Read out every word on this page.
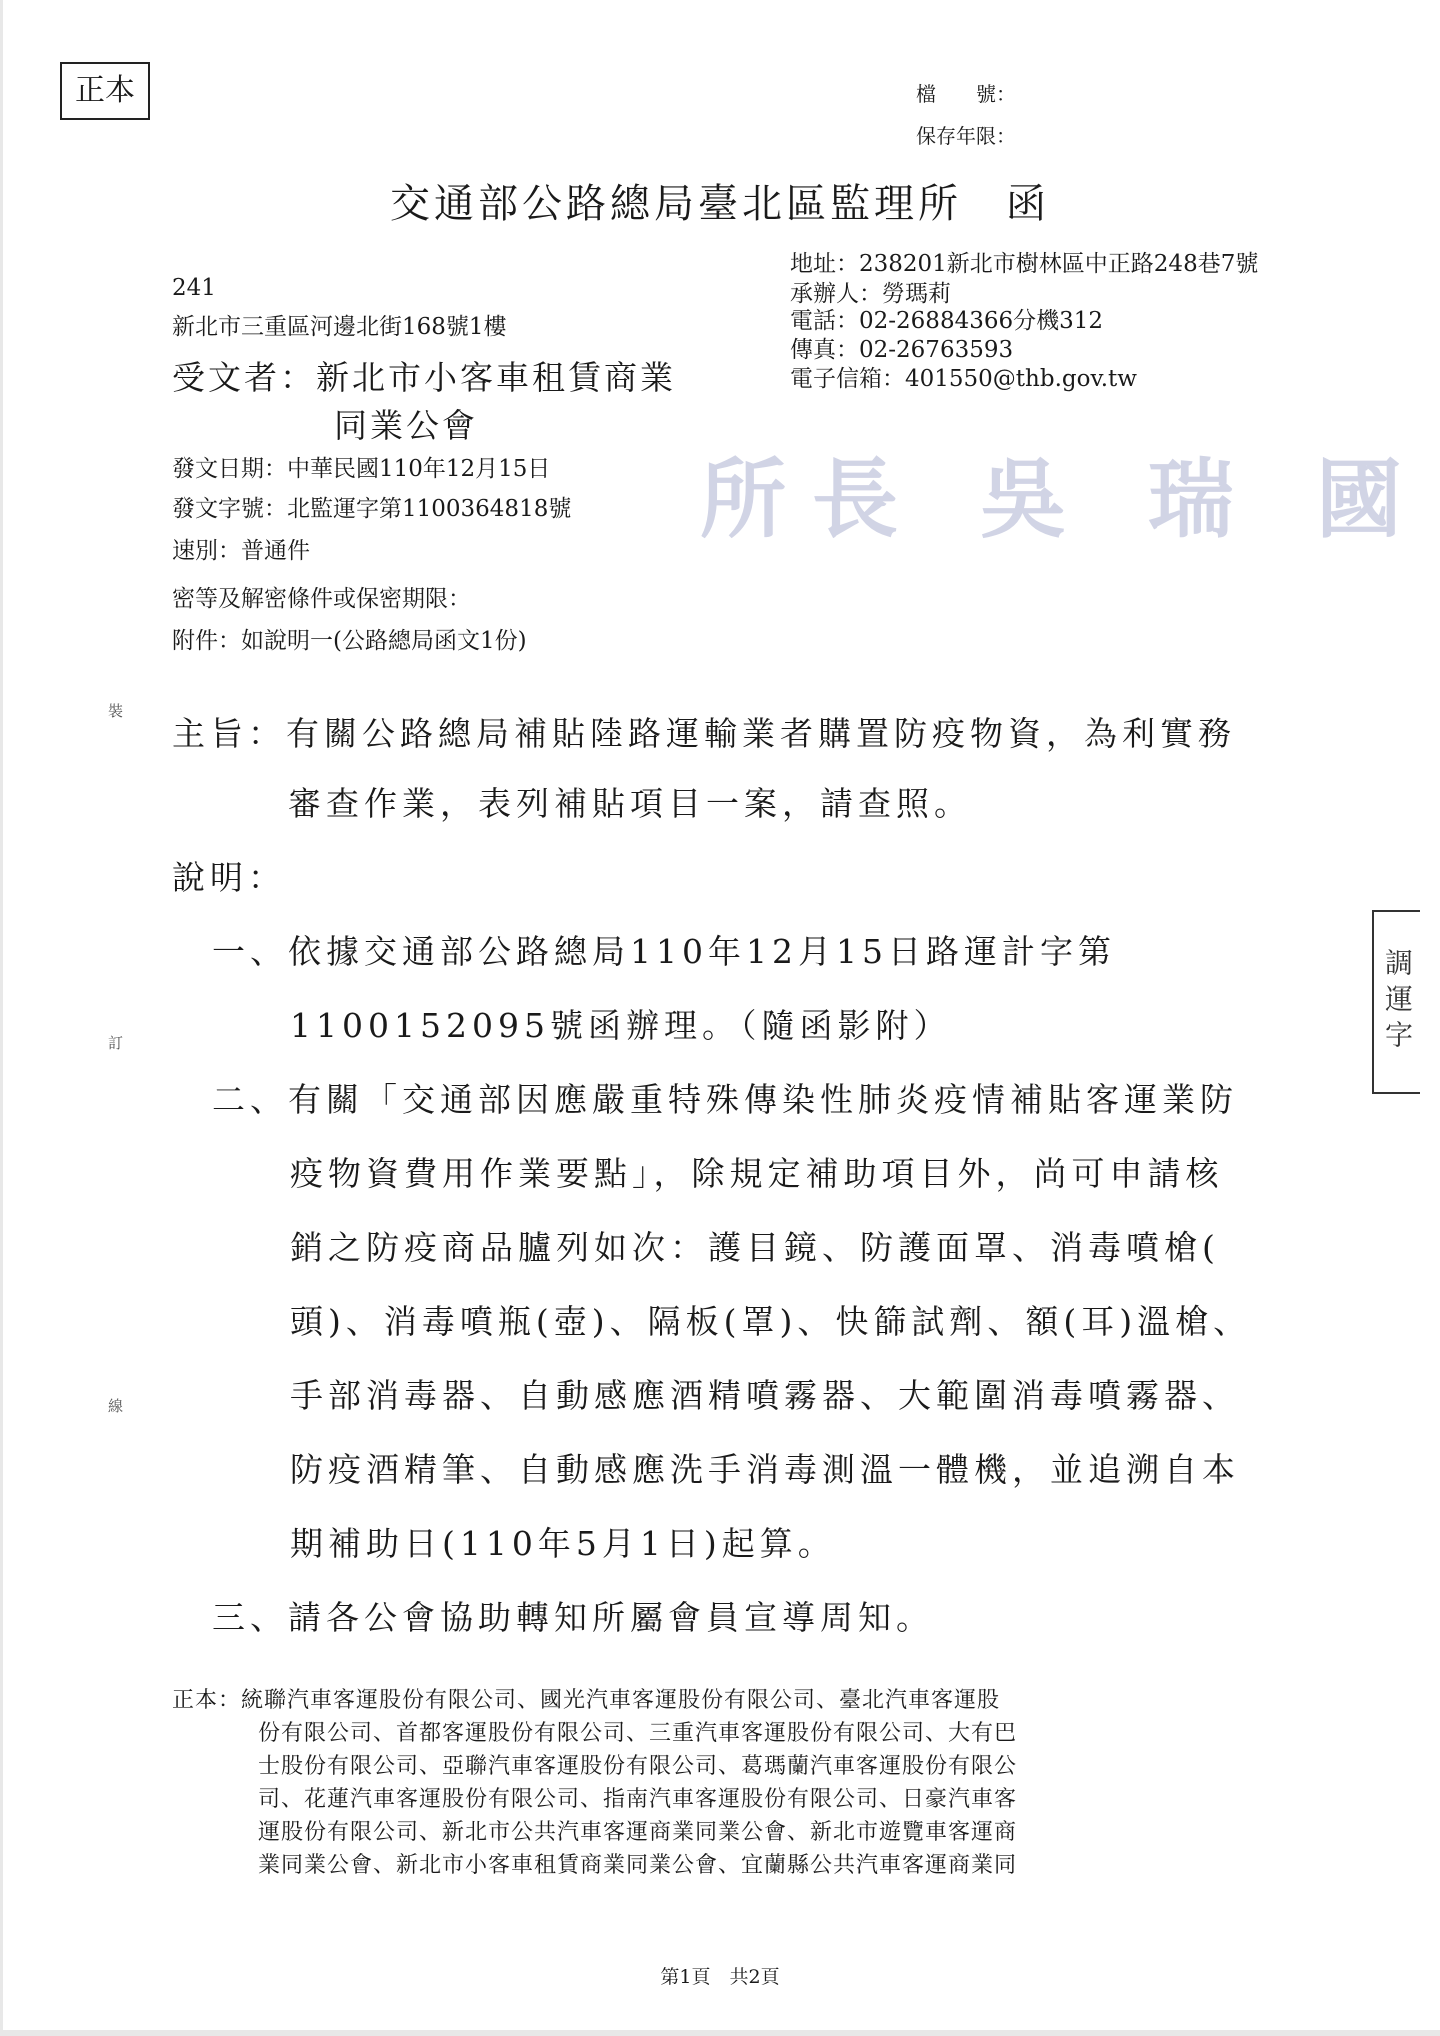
正本	檔　　號：
保存年限：
交通部公路總局臺北區監理所　函
地址：238201新北市樹林區中正路248巷7號
承辦人：勞瑪莉
電話：02-26884366分機312
傳真：02-26763593
電子信箱：401550@thb.gov.tw
241
新北市三重區河邊北街168號1樓
受文者：新北市小客車租賃商業
同業公會
所長 吳 瑞 國
發文日期：中華民國110年12月15日
發文字號：北監運字第1100364818號
速別：普通件
密等及解密條件或保密期限：
附件：如說明一(公路總局函文1份)
裝
訂
線
調運字
主旨：有關公路總局補貼陸路運輸業者購置防疫物資，為利實務
審查作業，表列補貼項目一案，請查照。
說明：
一、依據交通部公路總局110年12月15日路運計字第
1100152095號函辦理。（隨函影附）
二、有關「交通部因應嚴重特殊傳染性肺炎疫情補貼客運業防
疫物資費用作業要點」，除規定補助項目外，尚可申請核
銷之防疫商品臚列如次：護目鏡、防護面罩、消毒噴槍(
頭)、消毒噴瓶(壺)、隔板(罩)、快篩試劑、額(耳)溫槍、
手部消毒器、自動感應酒精噴霧器、大範圍消毒噴霧器、
防疫酒精筆、自動感應洗手消毒測溫一體機，並追溯自本
期補助日(110年5月1日)起算。
三、請各公會協助轉知所屬會員宣導周知。
正本：統聯汽車客運股份有限公司、國光汽車客運股份有限公司、臺北汽車客運股
份有限公司、首都客運股份有限公司、三重汽車客運股份有限公司、大有巴
士股份有限公司、亞聯汽車客運股份有限公司、葛瑪蘭汽車客運股份有限公
司、花蓮汽車客運股份有限公司、指南汽車客運股份有限公司、日豪汽車客
運股份有限公司、新北市公共汽車客運商業同業公會、新北市遊覽車客運商
業同業公會、新北市小客車租賃商業同業公會、宜蘭縣公共汽車客運商業同
第1頁　共2頁
